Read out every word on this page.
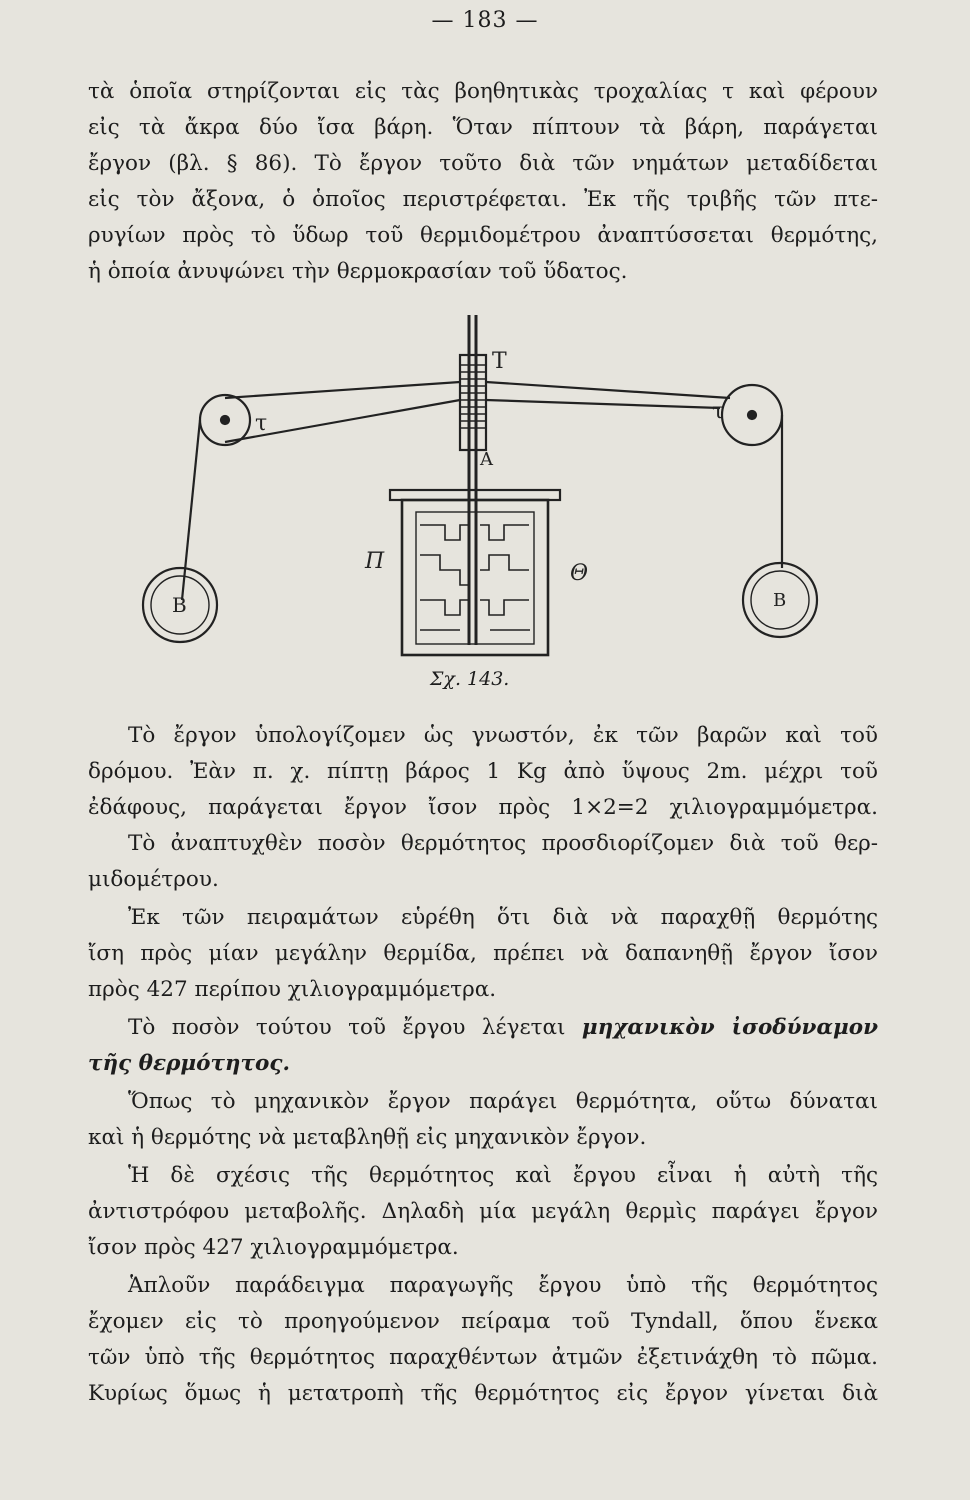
— 183 —

τὰ ὁποῖα στηρίζονται εἰς τὰς βοηθητικὰς τροχαλίας τ καὶ φέρουν
εἰς τὰ ἄκρα δύο ἴσα βάρη. Ὅταν πίπτουν τὰ βάρη, παράγεται
ἔργον (βλ. § 86). Τὸ ἔργον τοῦτο διὰ τῶν νημάτων μεταδίδεται
εἰς τὸν ἄξονα, ὁ ὁποῖος περιστρέφεται. Ἐκ τῆς τριβῆς τῶν πτε-
ρυγίων πρὸς τὸ ὕδωρ τοῦ θερμιδομέτρου ἀναπτύσσεται θερμότης,
ἡ ὁποία ἀνυψώνει τὴν θερμοκρασίαν τοῦ ὕδατος.

T
τ	τ
A
Π	Θ
B	B
Σχ. 143.

Τὸ ἔργον ὑπολογίζομεν ὡς γνωστόν, ἐκ τῶν βαρῶν καὶ τοῦ
δρόμου. Ἐὰν π. χ. πίπτῃ βάρος 1 Kg ἀπὸ ὕψους 2m. μέχρι τοῦ
ἐδάφους, παράγεται ἔργον ἴσον πρὸς 1×2=2 χιλιογραμμόμετρα.

Τὸ ἀναπτυχθὲν ποσὸν θερμότητος προσδιορίζομεν διὰ τοῦ θερ-
μιδομέτρου.

Ἐκ τῶν πειραμάτων εὑρέθη ὅτι διὰ νὰ παραχθῇ θερμότης
ἴση πρὸς μίαν μεγάλην θερμίδα, πρέπει νὰ δαπανηθῇ ἔργον ἴσον
πρὸς 427 περίπου χιλιογραμμόμετρα.

Τὸ ποσὸν τούτου τοῦ ἔργου λέγεται μηχανικὸν ἰσοδύναμον
τῆς θερμότητος.

Ὅπως τὸ μηχανικὸν ἔργον παράγει θερμότητα, οὕτω δύναται
καὶ ἡ θερμότης νὰ μεταβληθῇ εἰς μηχανικὸν ἔργον.

Ἡ δὲ σχέσις τῆς θερμότητος καὶ ἔργου εἶναι ἡ αὐτὴ τῆς
ἀντιστρόφου μεταβολῆς. Δηλαδὴ μία μεγάλη θερμὶς παράγει ἔργον
ἴσον πρὸς 427 χιλιογραμμόμετρα.

Ἁπλοῦν παράδειγμα παραγωγῆς ἔργου ὑπὸ τῆς θερμότητος
ἔχομεν εἰς τὸ προηγούμενον πείραμα τοῦ Tyndall, ὅπου ἕνεκα
τῶν ὑπὸ τῆς θερμότητος παραχθέντων ἀτμῶν ἐξετινάχθη τὸ πῶμα.
Κυρίως ὅμως ἡ μετατροπὴ τῆς θερμότητος εἰς ἔργον γίνεται διὰ
